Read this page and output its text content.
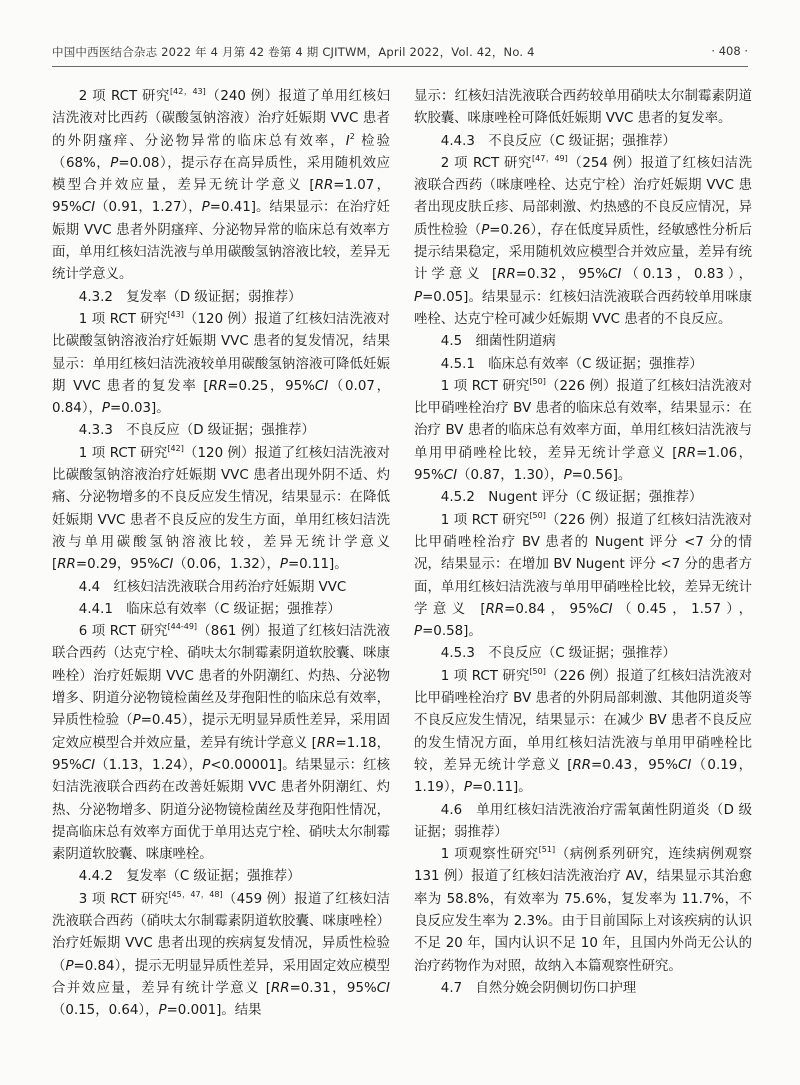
中国中西医结合杂志 2022 年 4 月第 42 卷第 4 期 CJITWM，April 2022，Vol. 42，No. 4	· 408 ·

2 项 RCT 研究[42，43]（240 例）报道了单用红核妇洁洗液对比西药（碳酸氢钠溶液）治疗妊娠期 VVC 患者的外阴瘙痒、分泌物异常的临床总有效率，$I^2$ 检验（68%，P=0.08），提示存在高异质性，采用随机效应模型合并效应量，差异无统计学意义 [RR=1.07，95%CI（0.91，1.27），P=0.41]。结果显示：在治疗妊娠期 VVC 患者外阴瘙痒、分泌物异常的临床总有效率方面，单用红核妇洁洗液与单用碳酸氢钠溶液比较，差异无统计学意义。

4.3.2　复发率（D 级证据；弱推荐）

1 项 RCT 研究[43]（120 例）报道了红核妇洁洗液对比碳酸氢钠溶液治疗妊娠期 VVC 患者的复发情况，结果显示：单用红核妇洁洗液较单用碳酸氢钠溶液可降低妊娠期 VVC 患者的复发率 [RR=0.25，95%CI（0.07，0.84），P=0.03]。

4.3.3　不良反应（D 级证据；强推荐）

1 项 RCT 研究[42]（120 例）报道了红核妇洁洗液对比碳酸氢钠溶液治疗妊娠期 VVC 患者出现外阴不适、灼痛、分泌物增多的不良反应发生情况，结果显示：在降低妊娠期 VVC 患者不良反应的发生方面，单用红核妇洁洗液与单用碳酸氢钠溶液比较，差异无统计学意义 [RR=0.29，95%CI（0.06，1.32），P=0.11]。

4.4　红核妇洁洗液联合用药治疗妊娠期 VVC
4.4.1　临床总有效率（C 级证据；强推荐）

6 项 RCT 研究[44-49]（861 例）报道了红核妇洁洗液联合西药（达克宁栓、硝呋太尔制霉素阴道软胶囊、咪康唑栓）治疗妊娠期 VVC 患者的外阴潮红、灼热、分泌物增多、阴道分泌物镜检菌丝及芽孢阳性的临床总有效率，异质性检验（P=0.45），提示无明显异质性差异，采用固定效应模型合并效应量，差异有统计学意义 [RR=1.18，95%CI（1.13，1.24），P<0.00001]。结果显示：红核妇洁洗液联合西药在改善妊娠期 VVC 患者外阴潮红、灼热、分泌物增多、阴道分泌物镜检菌丝及芽孢阳性情况，提高临床总有效率方面优于单用达克宁栓、硝呋太尔制霉素阴道软胶囊、咪康唑栓。

4.4.2　复发率（C 级证据；强推荐）

3 项 RCT 研究[45，47，48]（459 例）报道了红核妇洁洗液联合西药（硝呋太尔制霉素阴道软胶囊、咪康唑栓）治疗妊娠期 VVC 患者出现的疾病复发情况，异质性检验（P=0.84），提示无明显异质性差异，采用固定效应模型合并效应量，差异有统计学意义 [RR=0.31，95%CI（0.15，0.64），P=0.001]。结果

显示：红核妇洁洗液联合西药较单用硝呋太尔制霉素阴道软胶囊、咪康唑栓可降低妊娠期 VVC 患者的复发率。

4.4.3　不良反应（C 级证据；强推荐）

2 项 RCT 研究[47，49]（254 例）报道了红核妇洁洗液联合西药（咪康唑栓、达克宁栓）治疗妊娠期 VVC 患者出现皮肤丘疹、局部刺激、灼热感的不良反应情况，异质性检验（P=0.26），存在低度异质性，经敏感性分析后提示结果稳定，采用随机效应模型合并效应量，差异有统计学意义 [RR=0.32，95%CI（0.13，0.83），P=0.05]。结果显示：红核妇洁洗液联合西药较单用咪康唑栓、达克宁栓可减少妊娠期 VVC 患者的不良反应。

4.5　细菌性阴道病
4.5.1　临床总有效率（C 级证据；强推荐）

1 项 RCT 研究[50]（226 例）报道了红核妇洁洗液对比甲硝唑栓治疗 BV 患者的临床总有效率，结果显示：在治疗 BV 患者的临床总有效率方面，单用红核妇洁洗液与单用甲硝唑栓比较，差异无统计学意义 [RR=1.06，95%CI（0.87，1.30），P=0.56]。

4.5.2　Nugent 评分（C 级证据；强推荐）

1 项 RCT 研究[50]（226 例）报道了红核妇洁洗液对比甲硝唑栓治疗 BV 患者的 Nugent 评分 <7 分的情况，结果显示：在增加 BV Nugent 评分 <7 分的患者方面，单用红核妇洁洗液与单用甲硝唑栓比较，差异无统计学意义 [RR=0.84，95%CI（0.45，1.57），P=0.58]。

4.5.3　不良反应（C 级证据；强推荐）

1 项 RCT 研究[50]（226 例）报道了红核妇洁洗液对比甲硝唑栓治疗 BV 患者的外阴局部刺激、其他阴道炎等不良反应发生情况，结果显示：在减少 BV 患者不良反应的发生情况方面，单用红核妇洁洗液与单用甲硝唑栓比较，差异无统计学意义 [RR=0.43，95%CI（0.19，1.19），P=0.11]。

4.6　单用红核妇洁洗液治疗需氧菌性阴道炎（D 级证据；弱推荐）

1 项观察性研究[51]（病例系列研究，连续病例观察 131 例）报道了红核妇洁洗液治疗 AV，结果显示其治愈率为 58.8%，有效率为 75.6%，复发率为 11.7%，不良反应发生率为 2.3%。由于目前国际上对该疾病的认识不足 20 年，国内认识不足 10 年，且国内外尚无公认的治疗药物作为对照，故纳入本篇观察性研究。

4.7　自然分娩会阴侧切伤口护理
